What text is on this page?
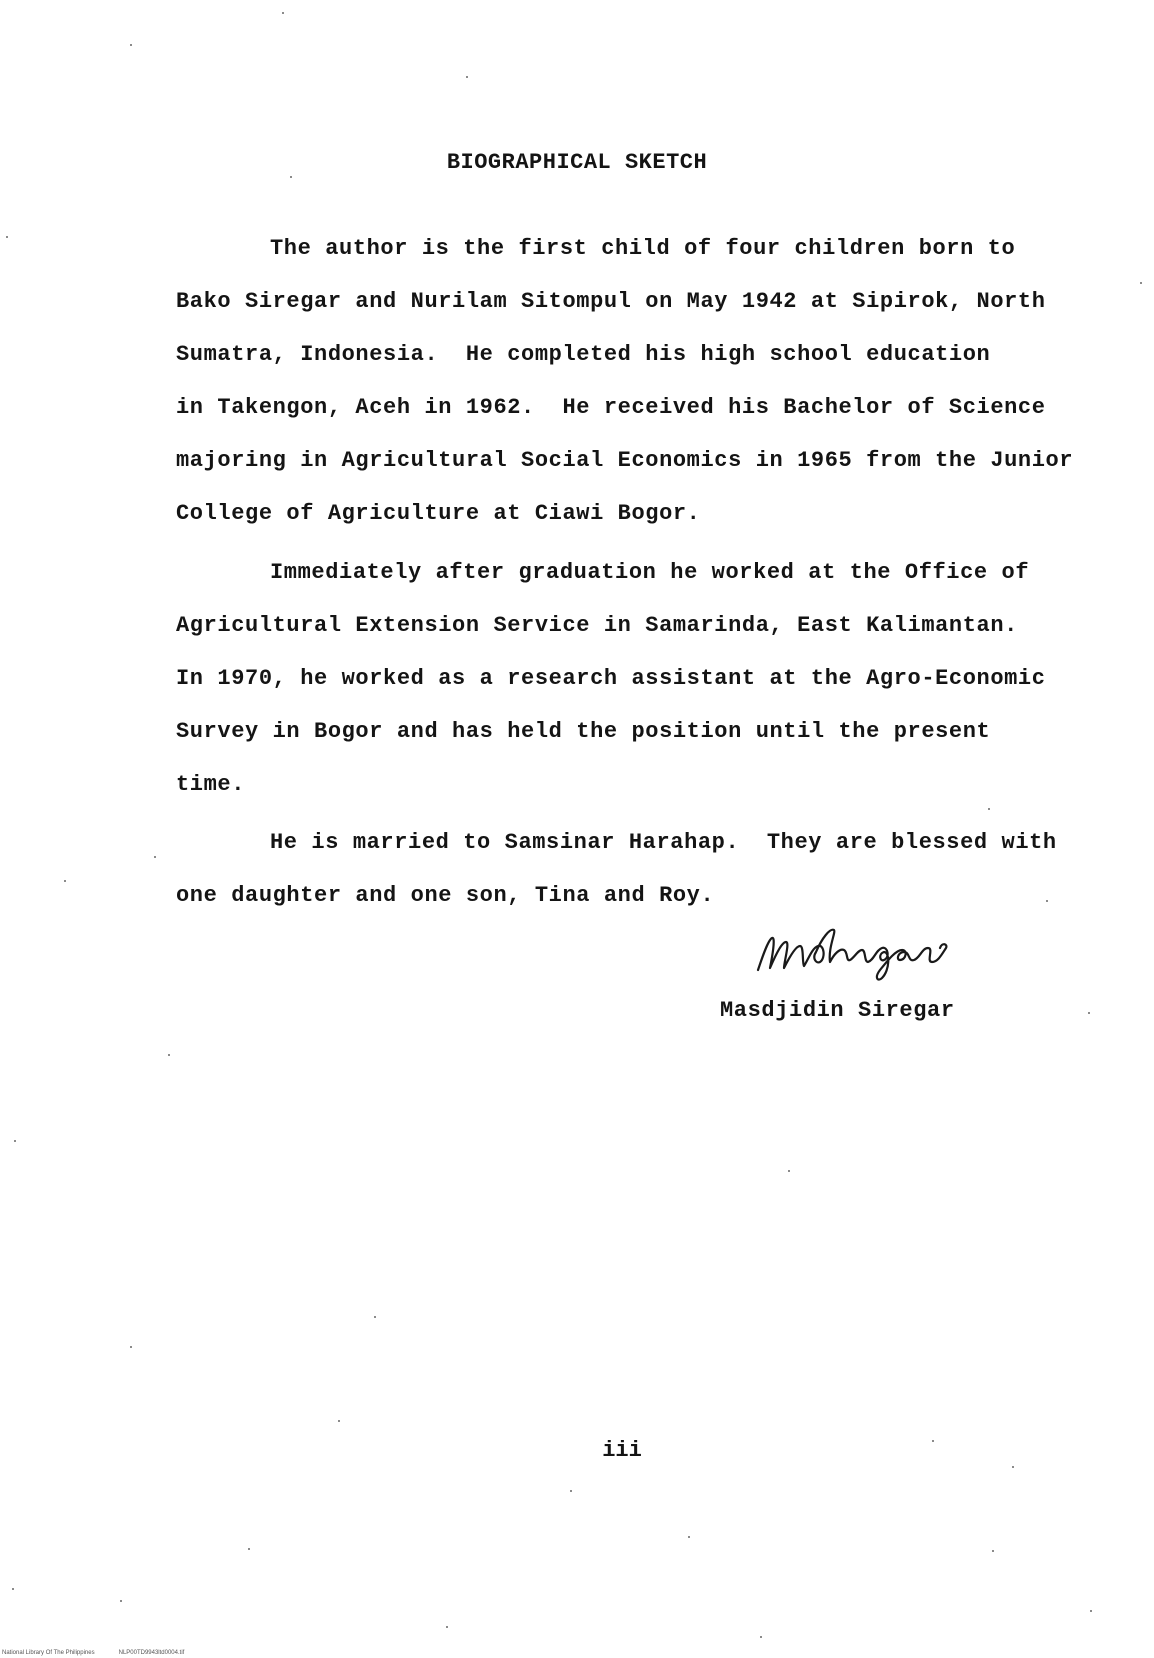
BIOGRAPHICAL SKETCH
The author is the first child of four children born to
Bako Siregar and Nurilam Sitompul on May 1942 at Sipirok, North
Sumatra, Indonesia.  He completed his high school education
in Takengon, Aceh in 1962.  He received his Bachelor of Science
majoring in Agricultural Social Economics in 1965 from the Junior
College of Agriculture at Ciawi Bogor.
Immediately after graduation he worked at the Office of
Agricultural Extension Service in Samarinda, East Kalimantan.
In 1970, he worked as a research assistant at the Agro-Economic
Survey in Bogor and has held the position until the present
time.
He is married to Samsinar Harahap.  They are blessed with
one daughter and one son, Tina and Roy.
Masdjidin Siregar
iii
National Library Of The Philippines	NLP00TD9943ltd0004.tif
